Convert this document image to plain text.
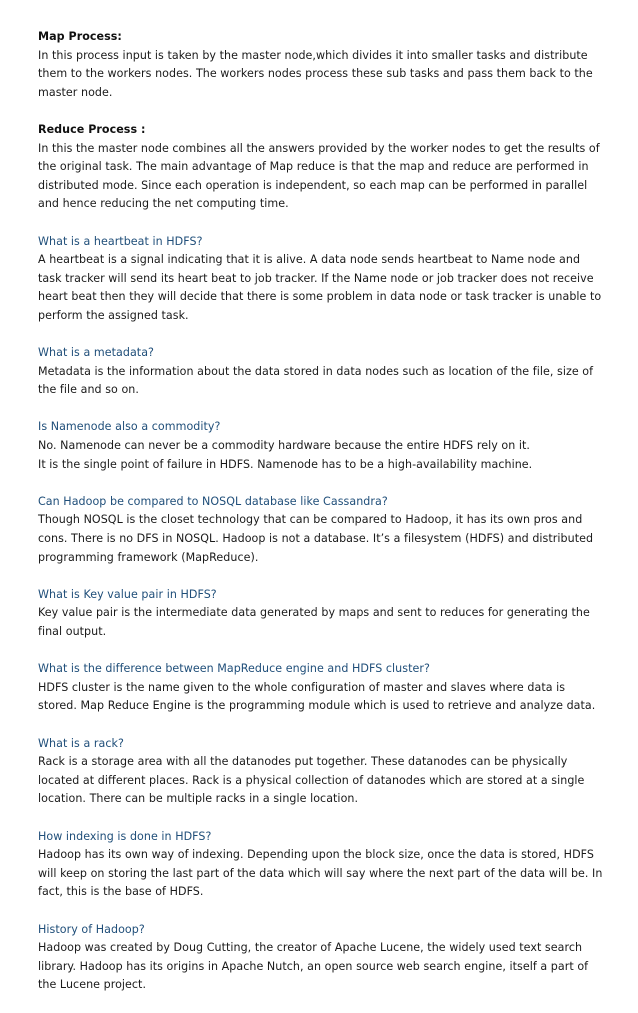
Map Process:
In this process input is taken by the master node,which divides it into smaller tasks and distribute them to the workers nodes. The workers nodes process these sub tasks and pass them back to the master node.
Reduce Process :
In this the master node combines all the answers provided by the worker nodes to get the results of the original task. The main advantage of Map reduce is that the map and reduce are performed in distributed mode. Since each operation is independent, so each map can be performed in parallel and hence reducing the net computing time.
What is a heartbeat in HDFS?
A heartbeat is a signal indicating that it is alive. A data node sends heartbeat to Name node and task tracker will send its heart beat to job tracker. If the Name node or job tracker does not receive heart beat then they will decide that there is some problem in data node or task tracker is unable to perform the assigned task.
What is a metadata?
Metadata is the information about the data stored in data nodes such as location of the file, size of the file and so on.
Is Namenode also a commodity?
No. Namenode can never be a commodity hardware because the entire HDFS rely on it.
It is the single point of failure in HDFS. Namenode has to be a high-availability machine.
Can Hadoop be compared to NOSQL database like Cassandra?
Though NOSQL is the closet technology that can be compared to Hadoop, it has its own pros and cons. There is no DFS in NOSQL. Hadoop is not a database. It’s a filesystem (HDFS) and distributed programming framework (MapReduce).
What is Key value pair in HDFS?
Key value pair is the intermediate data generated by maps and sent to reduces for generating the final output.
What is the difference between MapReduce engine and HDFS cluster?
HDFS cluster is the name given to the whole configuration of master and slaves where data is stored. Map Reduce Engine is the programming module which is used to retrieve and analyze data.
What is a rack?
Rack is a storage area with all the datanodes put together. These datanodes can be physically located at different places. Rack is a physical collection of datanodes which are stored at a single location. There can be multiple racks in a single location.
How indexing is done in HDFS?
Hadoop has its own way of indexing. Depending upon the block size, once the data is stored, HDFS will keep on storing the last part of the data which will say where the next part of the data will be. In fact, this is the base of HDFS.
History of Hadoop?
Hadoop was created by Doug Cutting, the creator of Apache Lucene, the widely used text search library. Hadoop has its origins in Apache Nutch, an open source web search engine, itself a part of the Lucene project.
